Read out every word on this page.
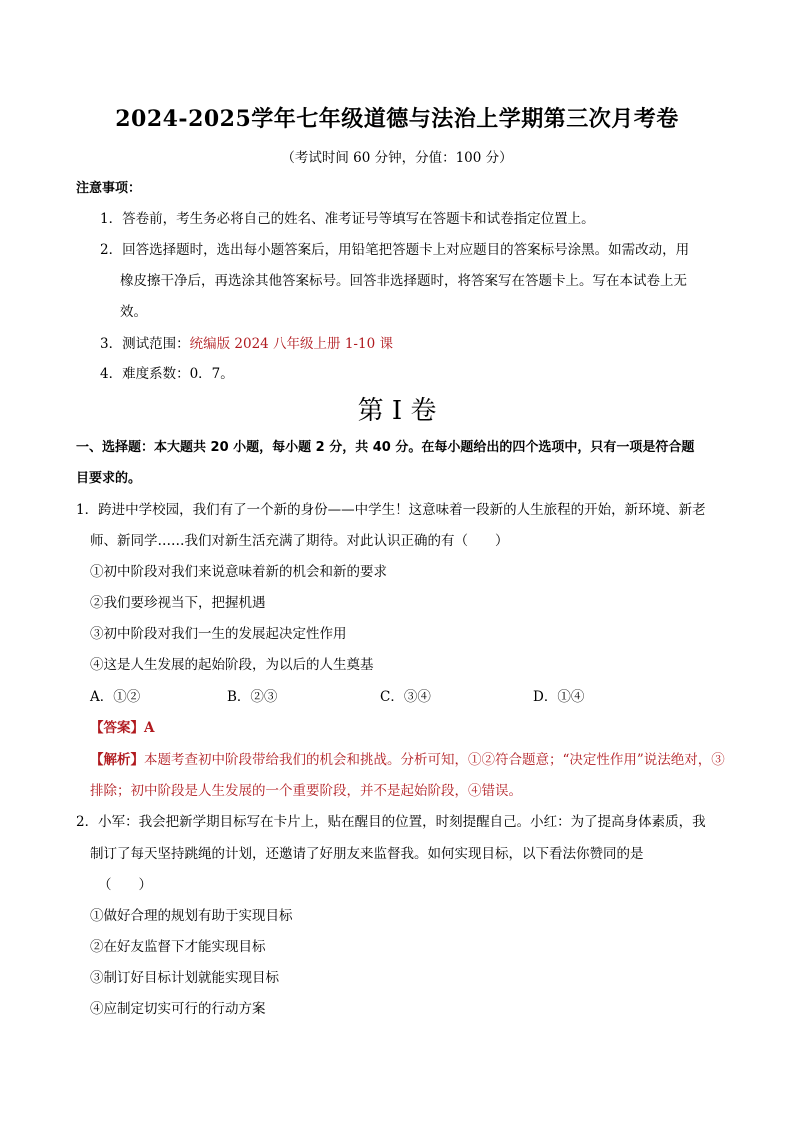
2024-2025学年七年级道德与法治上学期第三次月考卷
（考试时间 60 分钟，分值：100 分）
注意事项：
1．答卷前，考生务必将自己的姓名、准考证号等填写在答题卡和试卷指定位置上。
2．回答选择题时，选出每小题答案后，用铅笔把答题卡上对应题目的答案标号涂黑。如需改动，用
橡皮擦干净后，再选涂其他答案标号。回答非选择题时，将答案写在答题卡上。写在本试卷上无
效。
3．测试范围：统编版 2024 八年级上册 1-10 课
4．难度系数：0．7。
第 I 卷
一、选择题：本大题共 20 小题，每小题 2 分，共 40 分。在每小题给出的四个选项中，只有一项是符合题
目要求的。
1．跨进中学校园，我们有了一个新的身份——中学生！这意味着一段新的人生旅程的开始，新环境、新老
师、新同学……我们对新生活充满了期待。对此认识正确的有（　　）
①初中阶段对我们来说意味着新的机会和新的要求
②我们要珍视当下，把握机遇
③初中阶段对我们一生的发展起决定性作用
④这是人生发展的起始阶段，为以后的人生奠基
A．①②	B．②③	C．③④	D．①④
【答案】A
【解析】本题考查初中阶段带给我们的机会和挑战。分析可知，①②符合题意；“决定性作用”说法绝对，③
排除；初中阶段是人生发展的一个重要阶段，并不是起始阶段，④错误。
2．小军：我会把新学期目标写在卡片上，贴在醒目的位置，时刻提醒自己。小红：为了提高身体素质，我
制订了每天坚持跳绳的计划，还邀请了好朋友来监督我。如何实现目标，以下看法你赞同的是
（　　）
①做好合理的规划有助于实现目标
②在好友监督下才能实现目标
③制订好目标计划就能实现目标
④应制定切实可行的行动方案
